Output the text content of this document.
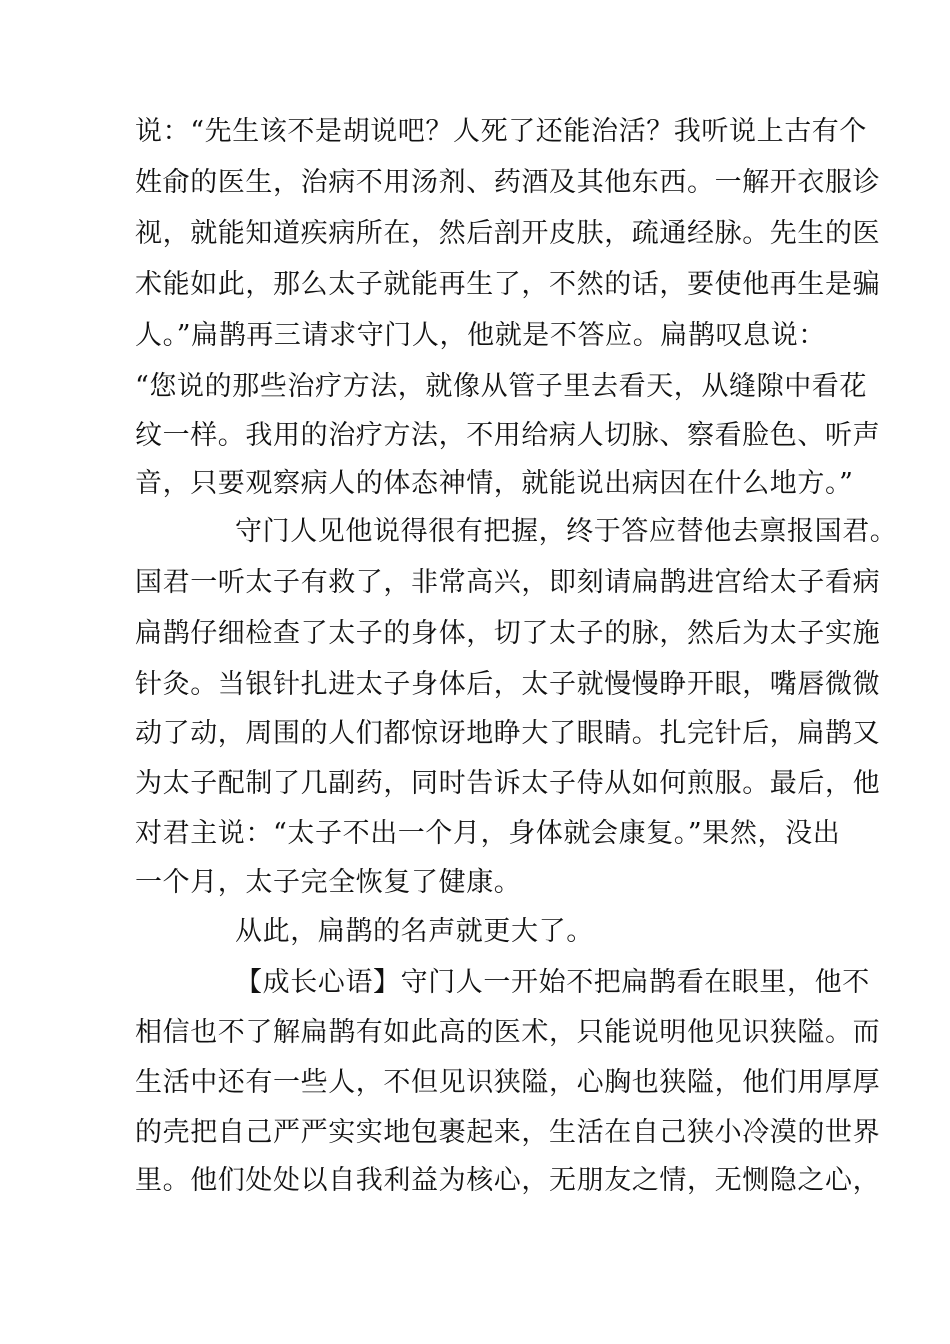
说：“先生该不是胡说吧？人死了还能治活？我听说上古有个
姓俞的医生，治病不用汤剂、药酒及其他东西。一解开衣服诊
视，就能知道疾病所在，然后剖开皮肤，疏通经脉。先生的医
术能如此，那么太子就能再生了，不然的话，要使他再生是骗
人。”扁鹊再三请求守门人，他就是不答应。扁鹊叹息说：
“您说的那些治疗方法，就像从管子里去看天，从缝隙中看花
纹一样。我用的治疗方法，不用给病人切脉、察看脸色、听声
音，只要观察病人的体态神情，就能说出病因在什么地方。”
守门人见他说得很有把握，终于答应替他去禀报国君。
国君一听太子有救了，非常高兴，即刻请扁鹊进宫给太子看病
扁鹊仔细检查了太子的身体，切了太子的脉，然后为太子实施
针灸。当银针扎进太子身体后，太子就慢慢睁开眼，嘴唇微微
动了动，周围的人们都惊讶地睁大了眼睛。扎完针后，扁鹊又
为太子配制了几副药，同时告诉太子侍从如何煎服。最后，他
对君主说：“太子不出一个月，身体就会康复。”果然，没出
一个月，太子完全恢复了健康。
从此，扁鹊的名声就更大了。
【成长心语】守门人一开始不把扁鹊看在眼里，他不
相信也不了解扁鹊有如此高的医术，只能说明他见识狭隘。而
生活中还有一些人，不但见识狭隘，心胸也狭隘，他们用厚厚
的壳把自己严严实实地包裹起来，生活在自己狭小冷漠的世界
里。他们处处以自我利益为核心，无朋友之情，无恻隐之心，
